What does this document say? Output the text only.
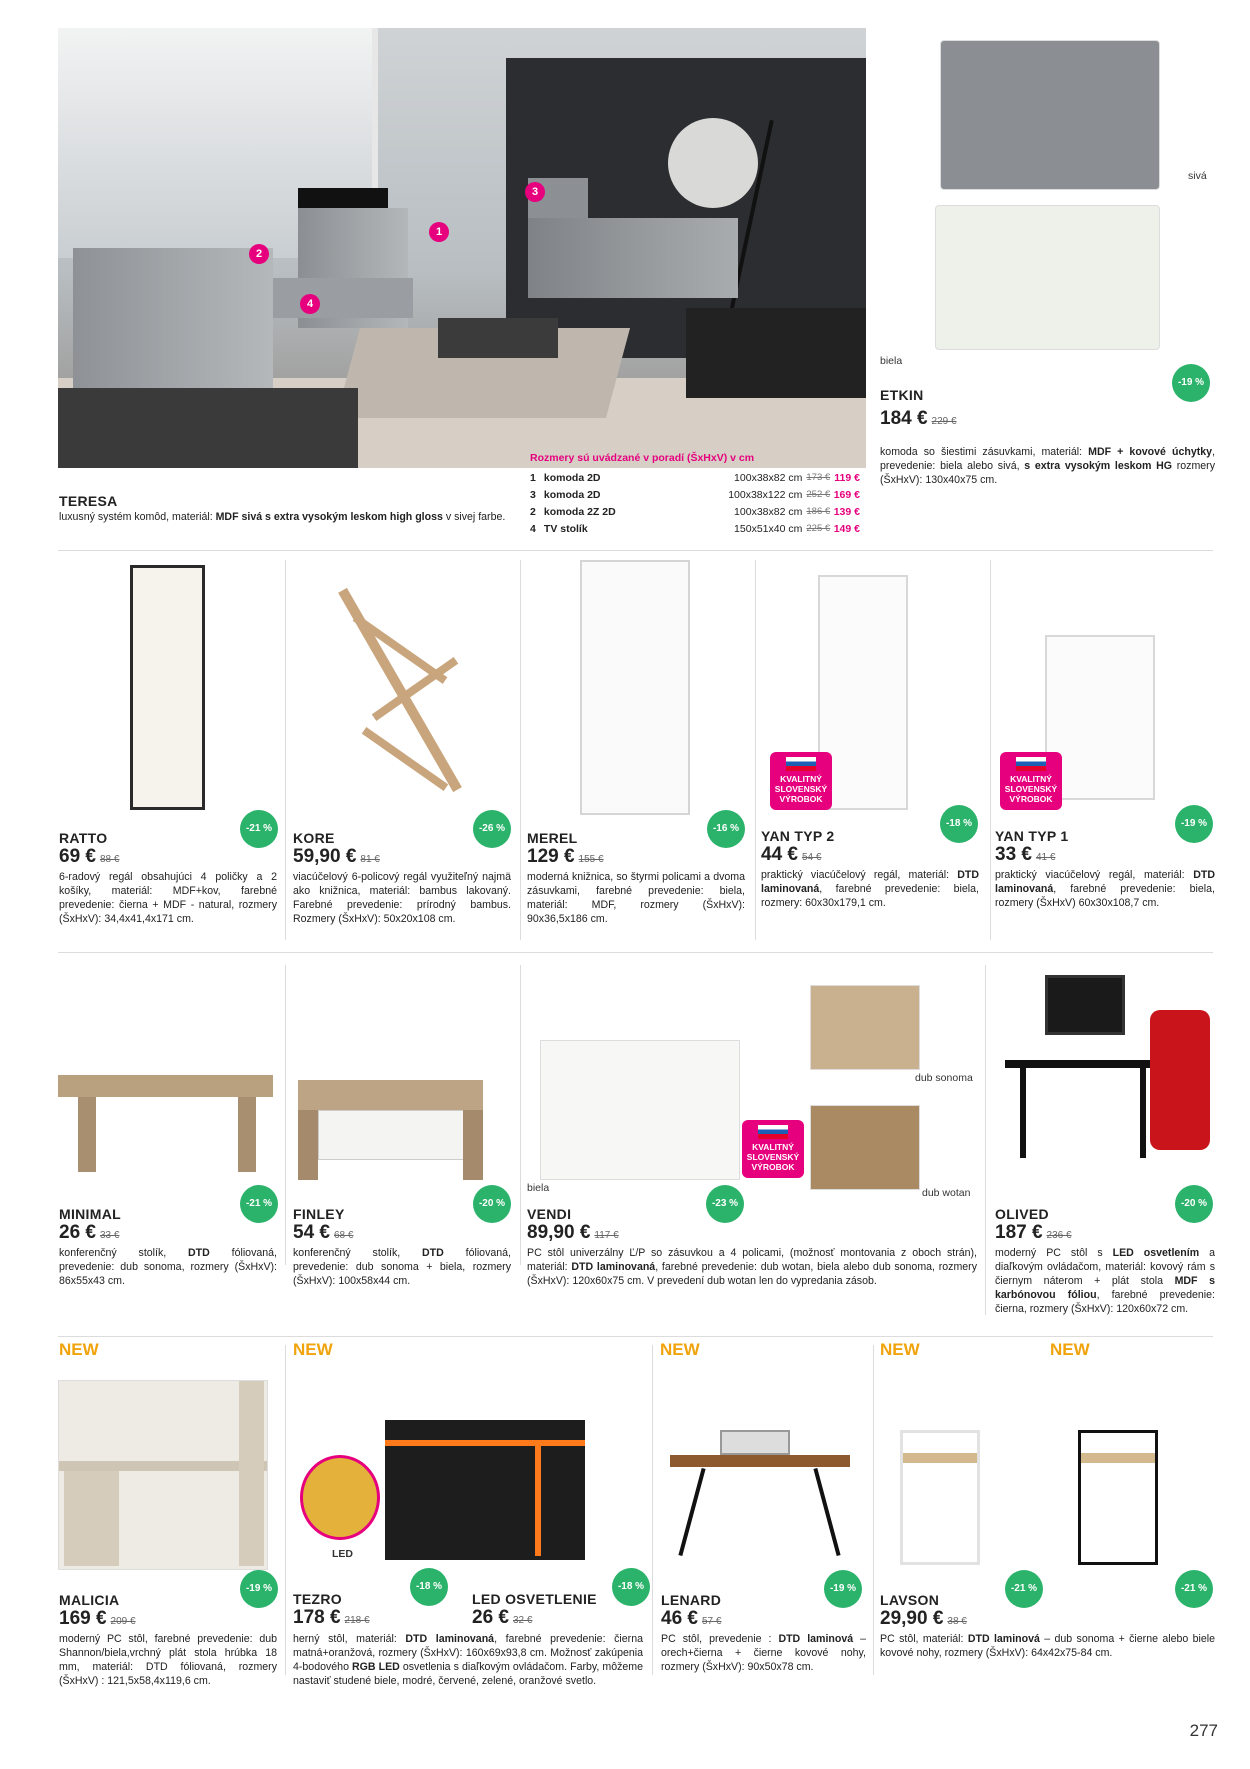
1
2
3
4
Rozmery sú uvádzané v poradí (ŠxHxV) v cm
1 komoda 2D	100x38x82 cm 173 € 119 €
3 komoda 2D	100x38x122 cm 252 € 169 €
2 komoda 2Z 2D	100x38x82 cm 186 € 139 €
4 TV stolík	150x51x40 cm 225 € 149 €
TERESA
luxusný systém komôd, materiál: MDF sivá s extra vysokým leskom high gloss v sivej farbe.
sivá
biela
-19 %
ETKIN
184 € 229 €
komoda so šiestimi zásuvkami, materiál: MDF + kovové úchytky, prevedenie: biela alebo sivá, s extra vysokým leskom HG rozmery (ŠxHxV): 130x40x75 cm.
-21 %
RATTO
69 € 88 €
6-radový regál obsahujúci 4 poličky a 2 košíky, materiál: MDF+kov, farebné prevedenie: čierna + MDF - natural, rozmery (ŠxHxV): 34,4x41,4x171 cm.
-26 %
KORE
59,90 € 81 €
viacúčelový 6-policový regál využiteľný najmä ako knižnica, materiál: bambus lakovaný. Farebné prevedenie: prírodný bambus. Rozmery (ŠxHxV): 50x20x108 cm.
-16 %
MEREL
129 € 155 €
moderná knižnica, so štyrmi policami a dvoma zásuvkami, farebné prevedenie: biela, materiál: MDF, rozmery (ŠxHxV): 90x36,5x186 cm.
KVALITNÝ
SLOVENSKÝ
VÝROBOK
-18 %
YAN TYP 2
44 € 54 €
praktický viacúčelový regál, materiál: DTD laminovaná, farebné prevedenie: biela, rozmery: 60x30x179,1 cm.
KVALITNÝ
SLOVENSKÝ
VÝROBOK
-19 %
YAN TYP 1
33 € 41 €
praktický viacúčelový regál, materiál: DTD laminovaná, farebné prevedenie: biela, rozmery (ŠxHxV) 60x30x108,7 cm.
-21 %
MINIMAL
26 € 33 €
konferenčný stolík, DTD fóliovaná, prevedenie: dub sonoma, rozmery (ŠxHxV): 86x55x43 cm.
-20 %
FINLEY
54 € 68 €
konferenčný stolík, DTD fóliovaná, prevedenie: dub sonoma + biela, rozmery (ŠxHxV): 100x58x44 cm.
dub sonoma
dub wotan
biela
KVALITNÝ
SLOVENSKÝ
VÝROBOK
-23 %
VENDI
89,90 € 117 €
PC stôl univerzálny Ľ/P so zásuvkou a 4 policami, (možnosť montovania z oboch strán), materiál: DTD laminovaná, farebné prevedenie: dub wotan, biela alebo dub sonoma, rozmery (ŠxHxV): 120x60x75 cm. V prevedení dub wotan len do vypredania zásob.
-20 %
OLIVED
187 € 236 €
moderný PC stôl s LED osvetlením a diaľkovým ovládačom, materiál: kovový rám s čiernym náterom + plát stola MDF s karbónovou fóliou, farebné prevedenie: čierna, rozmery (ŠxHxV): 120x60x72 cm.
NEW
-19 %
MALICIA
169 € 209 €
moderný PC stôl, farebné prevedenie: dub Shannon/biela,vrchný plát stola hrúbka 18 mm, materiál: DTD fóliovaná, rozmery (ŠxHxV) : 121,5x58,4x119,6 cm.
NEW
LED
-18 %
TEZRO
178 € 218 €
-18 %
LED OSVETLENIE
26 € 32 €
herný stôl, materiál: DTD laminovaná, farebné prevedenie: čierna matná+oranžová, rozmery (ŠxHxV): 160x69x93,8 cm. Možnosť zakúpenia 4-bodového RGB LED osvetlenia s diaľkovým ovládačom. Farby, môžeme nastaviť studené biele, modré, červené, zelené, oranžové svetlo.
NEW
-19 %
LENARD
46 € 57 €
PC stôl, prevedenie : DTD laminová – orech+čierna + čierne kovové nohy, rozmery (ŠxHxV): 90x50x78 cm.
NEW	NEW
-21 %	-21 %
LAVSON
29,90 € 38 €
PC stôl, materiál: DTD laminová – dub sonoma + čierne alebo biele kovové nohy, rozmery (ŠxHxV): 64x42x75-84 cm.
277
